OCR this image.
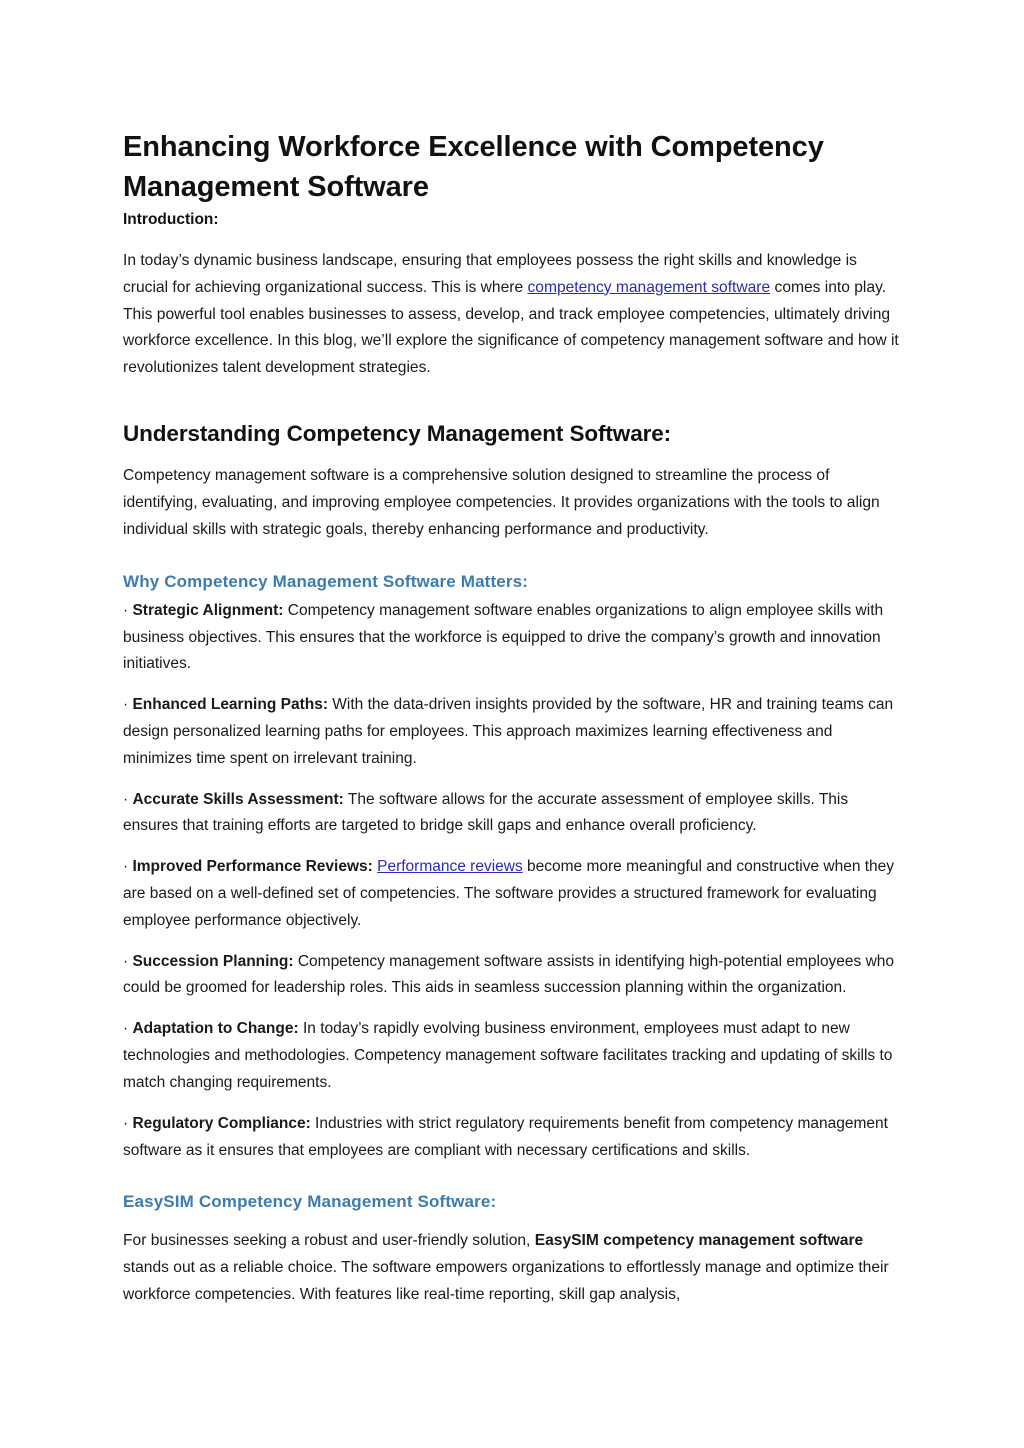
Enhancing Workforce Excellence with Competency Management Software
Introduction:

In today’s dynamic business landscape, ensuring that employees possess the right skills and knowledge is crucial for achieving organizational success. This is where competency management software comes into play. This powerful tool enables businesses to assess, develop, and track employee competencies, ultimately driving workforce excellence. In this blog, we’ll explore the significance of competency management software and how it revolutionizes talent development strategies.

Understanding Competency Management Software:

Competency management software is a comprehensive solution designed to streamline the process of identifying, evaluating, and improving employee competencies. It provides organizations with the tools to align individual skills with strategic goals, thereby enhancing performance and productivity.

Why Competency Management Software Matters:

· Strategic Alignment: Competency management software enables organizations to align employee skills with business objectives. This ensures that the workforce is equipped to drive the company’s growth and innovation initiatives.

· Enhanced Learning Paths: With the data-driven insights provided by the software, HR and training teams can design personalized learning paths for employees. This approach maximizes learning effectiveness and minimizes time spent on irrelevant training.

· Accurate Skills Assessment: The software allows for the accurate assessment of employee skills. This ensures that training efforts are targeted to bridge skill gaps and enhance overall proficiency.

· Improved Performance Reviews: Performance reviews become more meaningful and constructive when they are based on a well-defined set of competencies. The software provides a structured framework for evaluating employee performance objectively.

· Succession Planning: Competency management software assists in identifying high-potential employees who could be groomed for leadership roles. This aids in seamless succession planning within the organization.

· Adaptation to Change: In today’s rapidly evolving business environment, employees must adapt to new technologies and methodologies. Competency management software facilitates tracking and updating of skills to match changing requirements.

· Regulatory Compliance: Industries with strict regulatory requirements benefit from competency management software as it ensures that employees are compliant with necessary certifications and skills.

EasySIM Competency Management Software:

For businesses seeking a robust and user-friendly solution, EasySIM competency management software stands out as a reliable choice. The software empowers organizations to effortlessly manage and optimize their workforce competencies. With features like real-time reporting, skill gap analysis,
